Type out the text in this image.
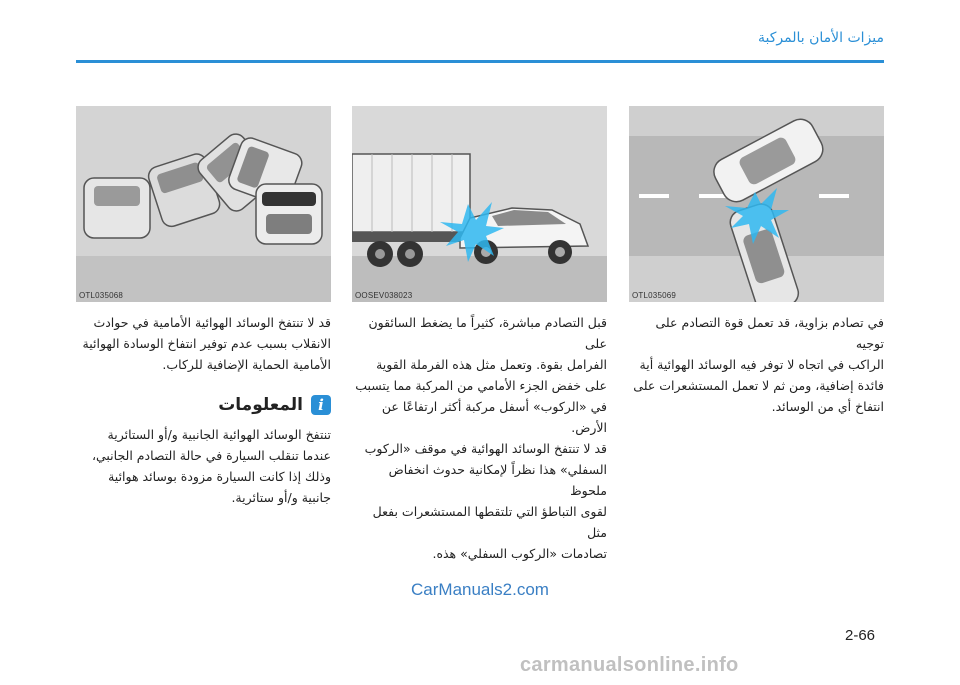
ميزات الأمان بالمركبة
OTL035069
OOSEV038023
OTL035068
في تصادم بزاوية، قد تعمل قوة التصادم على توجيه
الراكب في اتجاه لا توفر فيه الوسائد الهوائية أية
فائدة إضافية، ومن ثم لا تعمل المستشعرات على
انتفاخ أي من الوسائد.
قبل التصادم مباشرة، كثيراً ما يضغط السائقون على
الفرامل بقوة. وتعمل مثل هذه الفرملة القوية
على خفض الجزء الأمامي من المركبة مما يتسبب
في «الركوب» أسفل مركبة أكثر ارتفاعًا عن الأرض.
قد لا تنتفخ الوسائد الهوائية في موقف «الركوب
السفلي» هذا نظراً لإمكانية حدوث انخفاض ملحوظ
لقوى التباطؤ التي تلتقطها المستشعرات بفعل مثل
تصادمات «الركوب السفلي» هذه.
قد لا تنتفخ الوسائد الهوائية الأمامية في حوادث
الانقلاب بسبب عدم توفير انتفاخ الوسادة الهوائية
الأمامية الحماية الإضافية للركاب.
i
المعلومات
تنتفخ الوسائد الهوائية الجانبية و/أو الستائرية
عندما تنقلب السيارة في حالة التصادم الجانبي،
وذلك إذا كانت السيارة مزودة بوسائد هوائية
جانبية و/أو ستائرية.
CarManuals2.com
2-66
carmanualsonline.info
